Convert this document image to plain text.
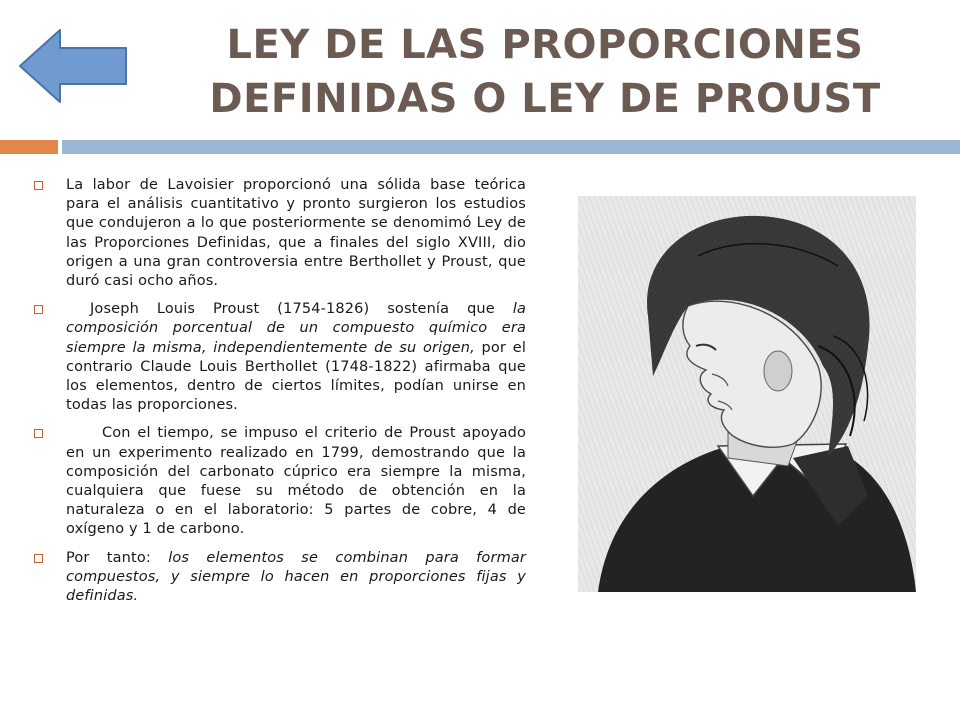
LEY DE LAS PROPORCIONES
DEFINIDAS O LEY DE PROUST
La labor de Lavoisier proporcionó una sólida base teórica para el análisis cuantitativo y pronto surgieron los estudios que condujeron a lo que posteriormente se denomimó Ley de las Proporciones Definidas, que a finales del siglo XVIII, dio origen a una gran controversia entre Berthollet y Proust, que duró casi ocho años.
Joseph Louis Proust (1754-1826) sostenía que la composición porcentual de un compuesto químico era siempre la misma, independientemente de su origen, por el contrario Claude Louis Berthollet (1748-1822) afirmaba que los elementos, dentro de ciertos límites, podían unirse en todas las proporciones.
Con el tiempo, se impuso el criterio de Proust apoyado en un experimento realizado en 1799, demostrando que la composición del carbonato cúprico era siempre la misma, cualquiera que fuese su método de obtención en la naturaleza o en el laboratorio: 5 partes de cobre, 4 de oxígeno y 1 de carbono.
Por tanto: los elementos se combinan para formar compuestos, y siempre lo hacen en proporciones fijas y definidas.
